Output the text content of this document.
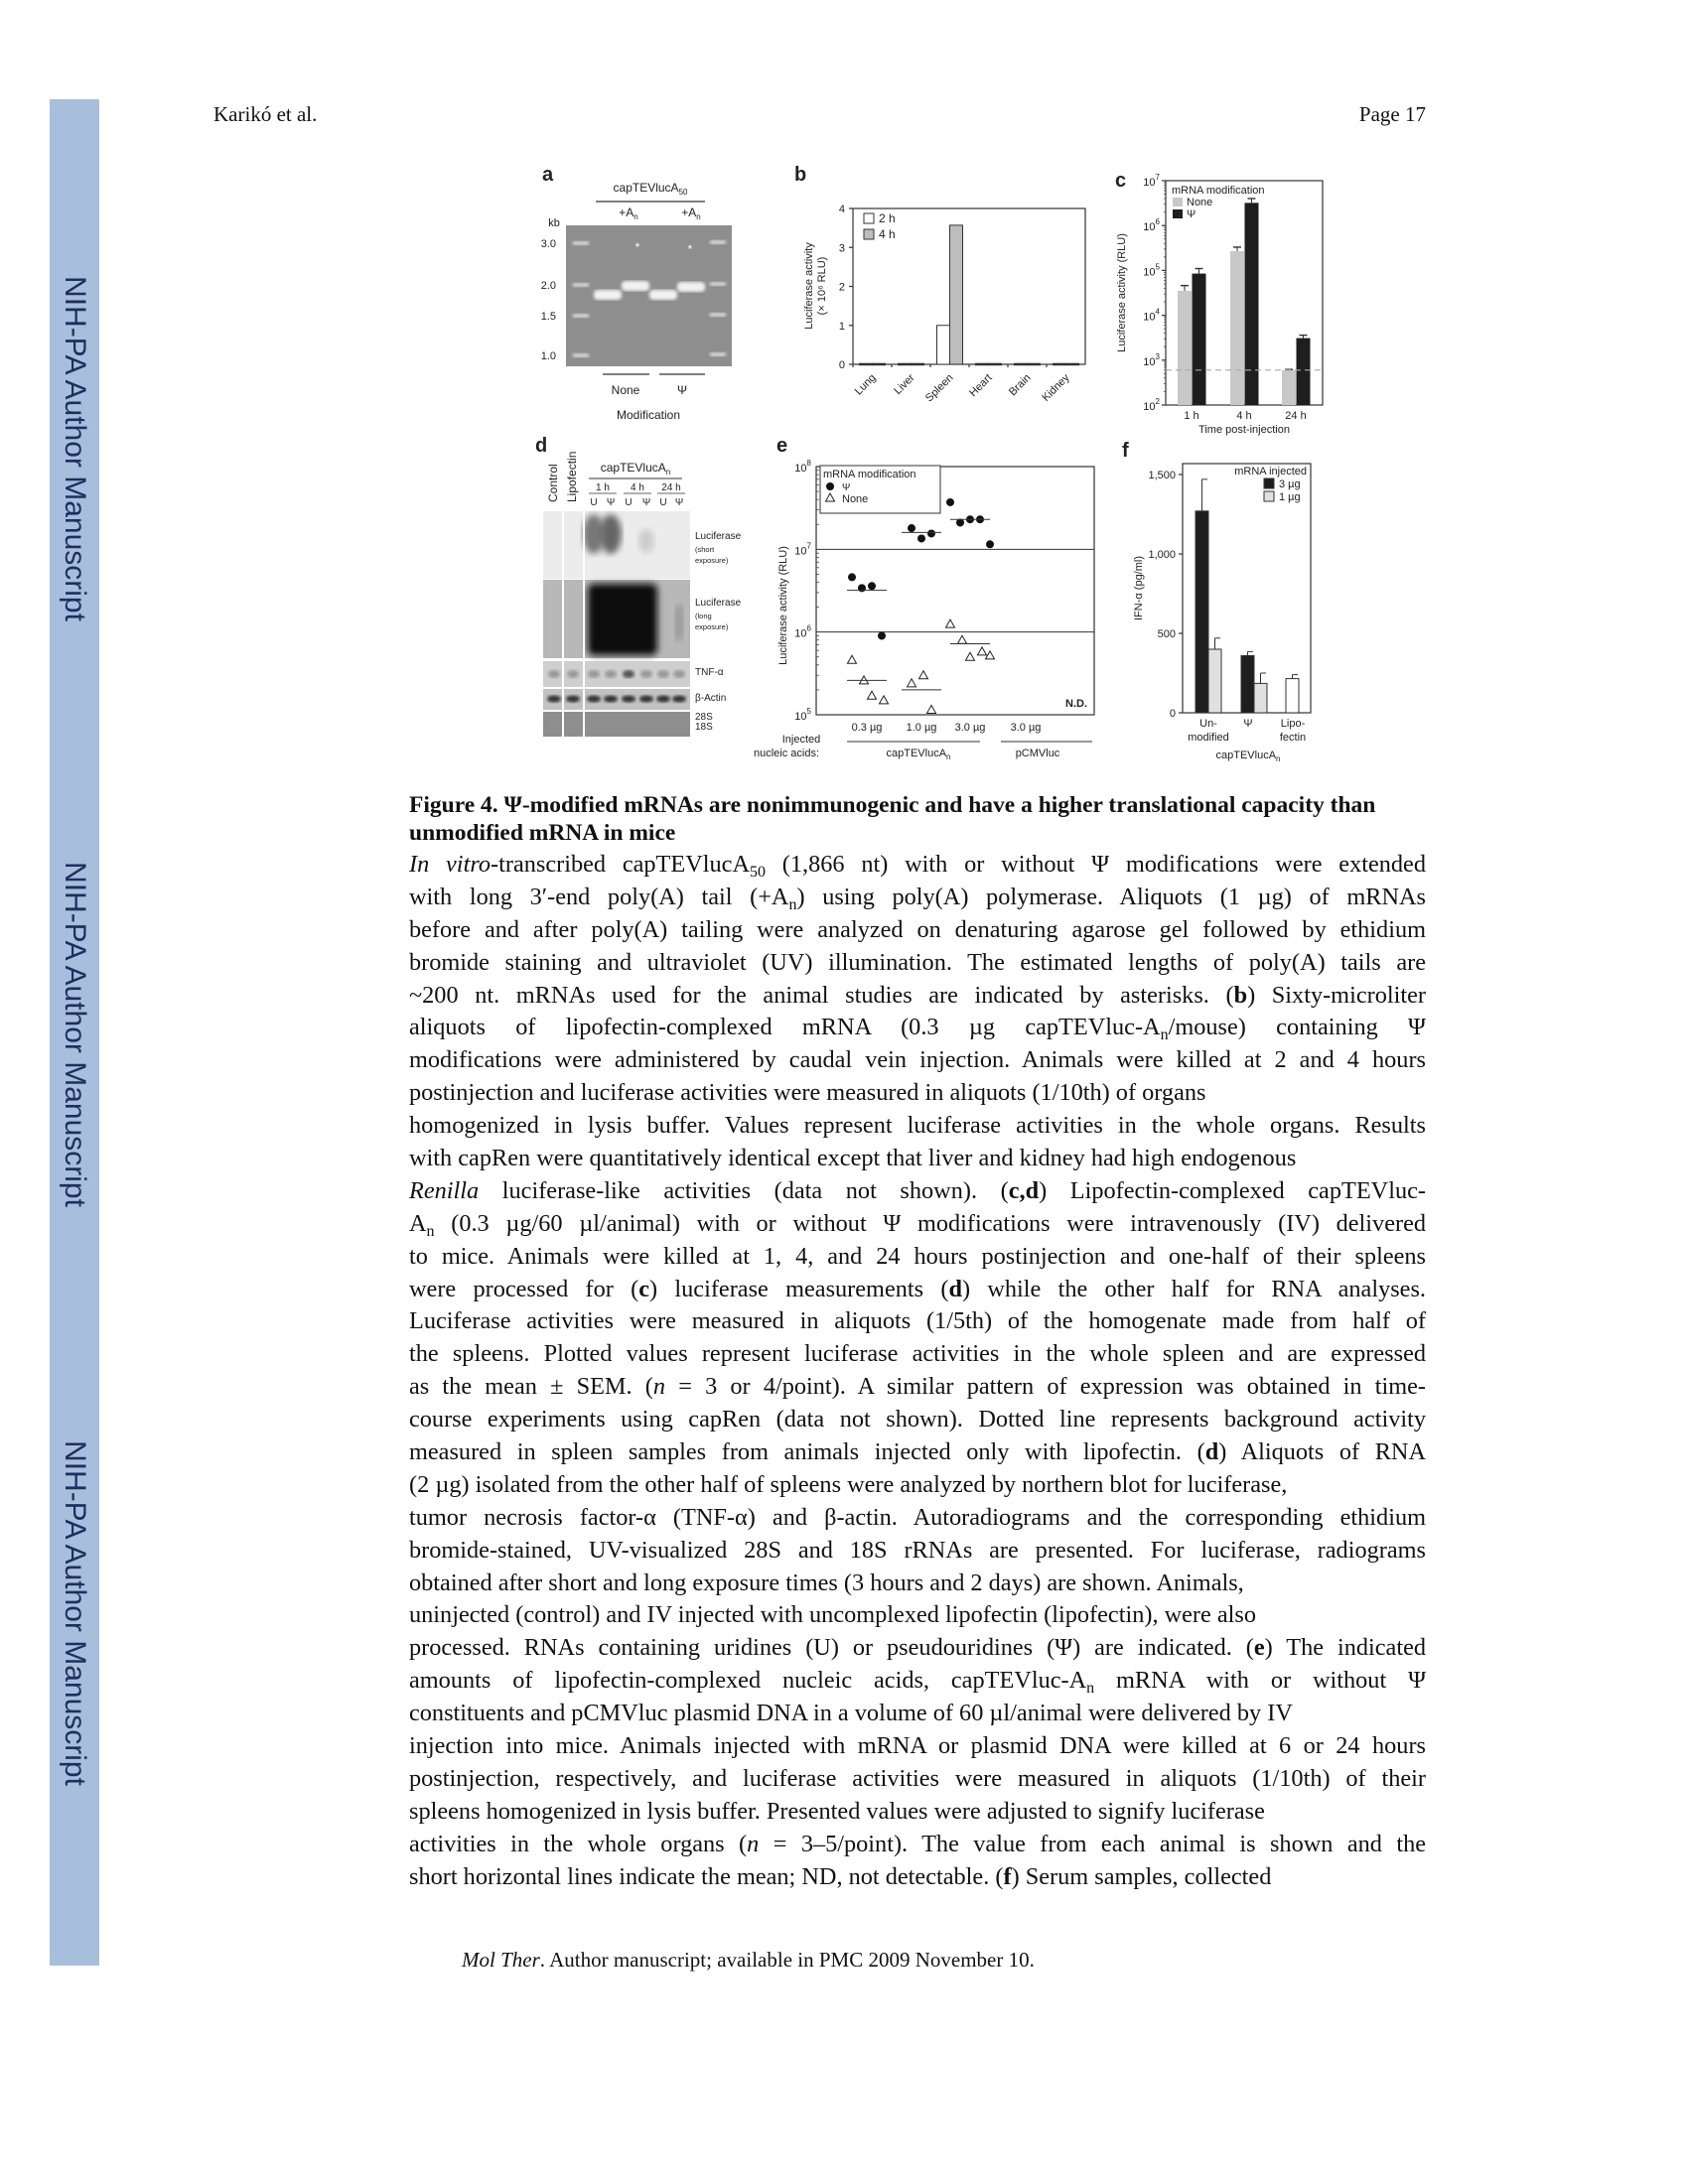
NIH-PA Author Manuscript
NIH-PA Author Manuscript
NIH-PA Author Manuscript
Karikó et al.	Page 17
a
capTEVlucA$_{50}$
$+A_n$	$+A_n$
kb
3.0
2.0
1.5
1.0
*	*
None	Ψ
Modification
b
0
1
2
3
4
Luciferase activity(× 10⁶ RLU)
Lung Liver Spleen Heart Brain Kidney
2 h
4 h
c
$10^2$
$10^3$
$10^4$
$10^5$
$10^6$
$10^7$
Luciferase activity (RLU)
1 h	4 h	24 h
Time post-injection
mRNA modification
None
Ψ
d
Control Lipofectin capTEVlucA$_n$
1 h 4 h 24 h
U Ψ U Ψ U Ψ
Luciferase
(short
exposure)
Luciferase
(long
exposure)
TNF-α
β-Actin
28S
18S
e
$10^5$
$10^6$
$10^7$
$10^8$
Luciferase activity (RLU)
N.D.
0.3 µg 1.0 µg 3.0 µg 3.0 µg
capTEVlucA$_n$	pCMVluc
Injected
nucleic acids:
mRNA modification
Ψ
None
f
0
500
1,000
1,500
IFN-α (pg/ml)
Un-
modified
Ψ	Lipo-
fectin
capTEVlucA$_n$
mRNA injected
3 µg
1 µg
Figure 4. Ψ-modified mRNAs are nonimmunogenic and have a higher translational capacity than
unmodified mRNA in mice
In vitro-transcribed capTEVlucA$_{50}$ (1,866 nt) with or without Ψ modifications were extended
with long 3′-end poly(A) tail $(+A_n)$ using poly(A) polymerase. Aliquots (1 µg) of mRNAs
before and after poly(A) tailing were analyzed on denaturing agarose gel followed by ethidium
bromide staining and ultraviolet (UV) illumination. The estimated lengths of poly(A) tails are
~200 nt. mRNAs used for the animal studies are indicated by asterisks. (b) Sixty-microliter
aliquots of lipofectin-complexed mRNA (0.3 µg capTEVluc-$A_n/mouse$) containing Ψ
modifications were administered by caudal vein injection. Animals were killed at 2 and 4 hours
postinjection and luciferase activities were measured in aliquots (1/10th) of organs
homogenized in lysis buffer. Values represent luciferase activities in the whole organs. Results
with capRen were quantitatively identical except that liver and kidney had high endogenous
Renilla luciferase-like activities (data not shown). (c,d) Lipofectin-complexed capTEVluc-
$A_n$ (0.3 µg/60 µl/animal) with or without Ψ modifications were intravenously (IV) delivered
to mice. Animals were killed at 1, 4, and 24 hours postinjection and one-half of their spleens
were processed for (c) luciferase measurements (d) while the other half for RNA analyses.
Luciferase activities were measured in aliquots (1/5th) of the homogenate made from half of
the spleens. Plotted values represent luciferase activities in the whole spleen and are expressed
as the mean ± SEM. (n = 3 or 4/point). A similar pattern of expression was obtained in time-
course experiments using capRen (data not shown). Dotted line represents background activity
measured in spleen samples from animals injected only with lipofectin. (d) Aliquots of RNA
(2 µg) isolated from the other half of spleens were analyzed by northern blot for luciferase,
tumor necrosis factor-α (TNF-α) and β-actin. Autoradiograms and the corresponding ethidium
bromide-stained, UV-visualized 28S and 18S rRNAs are presented. For luciferase, radiograms
obtained after short and long exposure times (3 hours and 2 days) are shown. Animals,
uninjected (control) and IV injected with uncomplexed lipofectin (lipofectin), were also
processed. RNAs containing uridines (U) or pseudouridines (Ψ) are indicated. (e) The indicated
amounts of lipofectin-complexed nucleic acids, capTEVluc-$A_n$ mRNA with or without Ψ
constituents and pCMVluc plasmid DNA in a volume of 60 µl/animal were delivered by IV
injection into mice. Animals injected with mRNA or plasmid DNA were killed at 6 or 24 hours
postinjection, respectively, and luciferase activities were measured in aliquots (1/10th) of their
spleens homogenized in lysis buffer. Presented values were adjusted to signify luciferase
activities in the whole organs (n = 3–5/point). The value from each animal is shown and the
short horizontal lines indicate the mean; ND, not detectable. (f) Serum samples, collected
Mol Ther. Author manuscript; available in PMC 2009 November 10.
